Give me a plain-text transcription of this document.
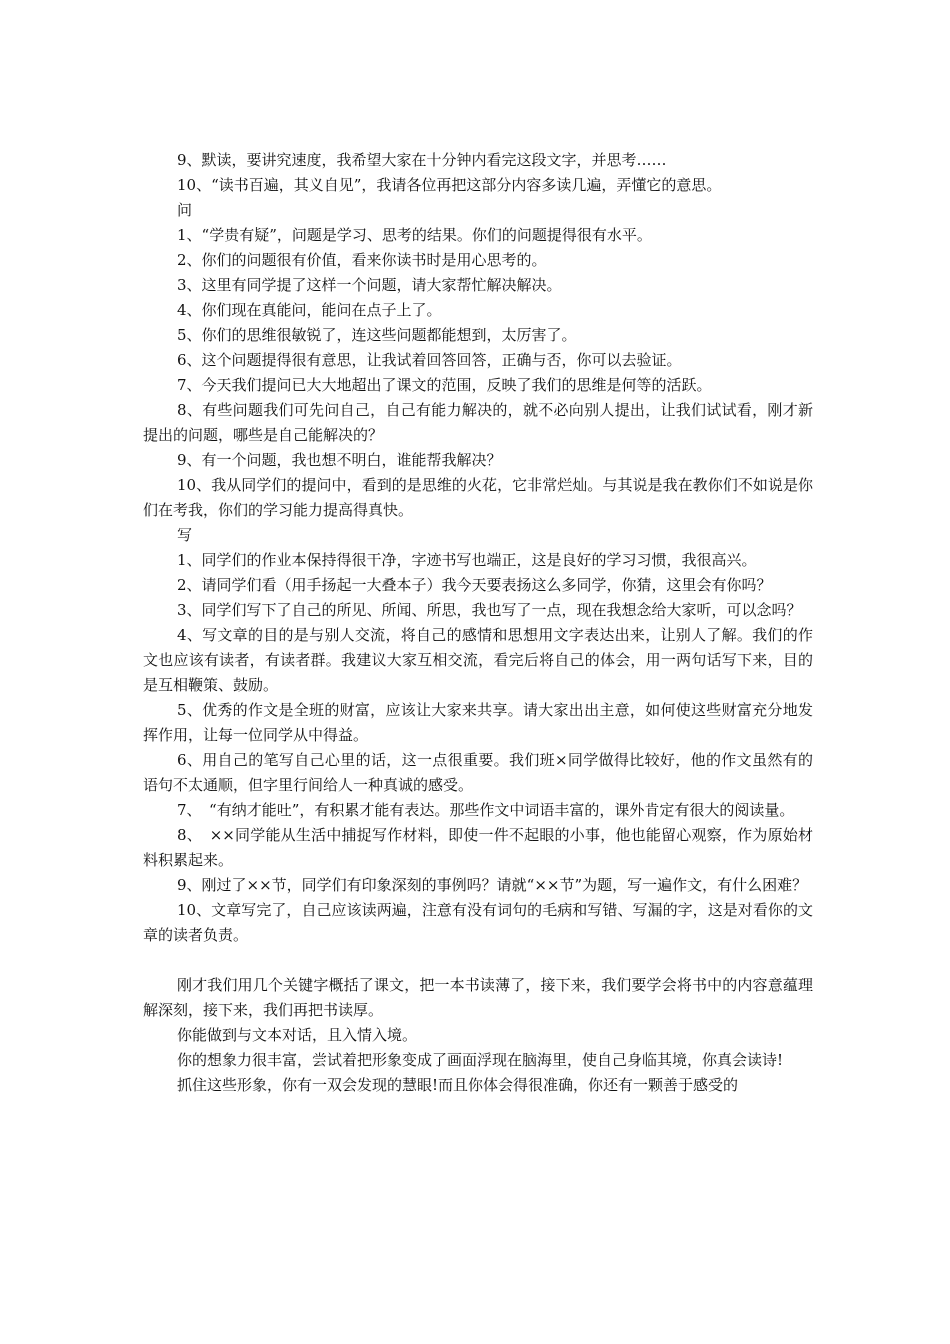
9、默读，要讲究速度，我希望大家在十分钟内看完这段文字，并思考……

10、“读书百遍，其义自见”，我请各位再把这部分内容多读几遍，弄懂它的意思。

问

1、“学贵有疑”，问题是学习、思考的结果。你们的问题提得很有水平。

2、你们的问题很有价值，看来你读书时是用心思考的。

3、这里有同学提了这样一个问题，请大家帮忙解决解决。

4、你们现在真能问，能问在点子上了。

5、你们的思维很敏锐了，连这些问题都能想到，太厉害了。

6、这个问题提得很有意思，让我试着回答回答，正确与否，你可以去验证。

7、今天我们提问已大大地超出了课文的范围，反映了我们的思维是何等的活跃。

8、有些问题我们可先问自己，自己有能力解决的，就不必向别人提出，让我们试试看，刚才新提出的问题，哪些是自己能解决的？

9、有一个问题，我也想不明白，谁能帮我解决？

10、我从同学们的提问中，看到的是思维的火花，它非常烂灿。与其说是我在教你们不如说是你们在考我，你们的学习能力提高得真快。

写

1、同学们的作业本保持得很干净，字迹书写也端正，这是良好的学习习惯，我很高兴。

2、请同学们看（用手扬起一大叠本子）我今天要表扬这么多同学，你猜，这里会有你吗？

3、同学们写下了自己的所见、所闻、所思，我也写了一点，现在我想念给大家听，可以念吗？

4、写文章的目的是与别人交流，将自己的感情和思想用文字表达出来，让别人了解。我们的作文也应该有读者，有读者群。我建议大家互相交流，看完后将自己的体会，用一两句话写下来，目的是互相鞭策、鼓励。

5、优秀的作文是全班的财富，应该让大家来共享。请大家出出主意，如何使这些财富充分地发挥作用，让每一位同学从中得益。

6、用自己的笔写自己心里的话，这一点很重要。我们班×同学做得比较好，他的作文虽然有的语句不太通顺，但字里行间给人一种真诚的感受。

7、　“有纳才能吐”，有积累才能有表达。那些作文中词语丰富的，课外肯定有很大的阅读量。

8、　××同学能从生活中捕捉写作材料，即使一件不起眼的小事，他也能留心观察，作为原始材料积累起来。

9、刚过了××节，同学们有印象深刻的事例吗？请就“××节”为题，写一遍作文，有什么困难？

10、文章写完了，自己应该读两遍，注意有没有词句的毛病和写错、写漏的字，这是对看你的文章的读者负责。

刚才我们用几个关键字概括了课文，把一本书读薄了，接下来，我们要学会将书中的内容意蕴理解深刻，接下来，我们再把书读厚。

你能做到与文本对话，且入情入境。

你的想象力很丰富，尝试着把形象变成了画面浮现在脑海里，使自己身临其境，你真会读诗!

抓住这些形象，你有一双会发现的慧眼!而且你体会得很准确，你还有一颗善于感受的
